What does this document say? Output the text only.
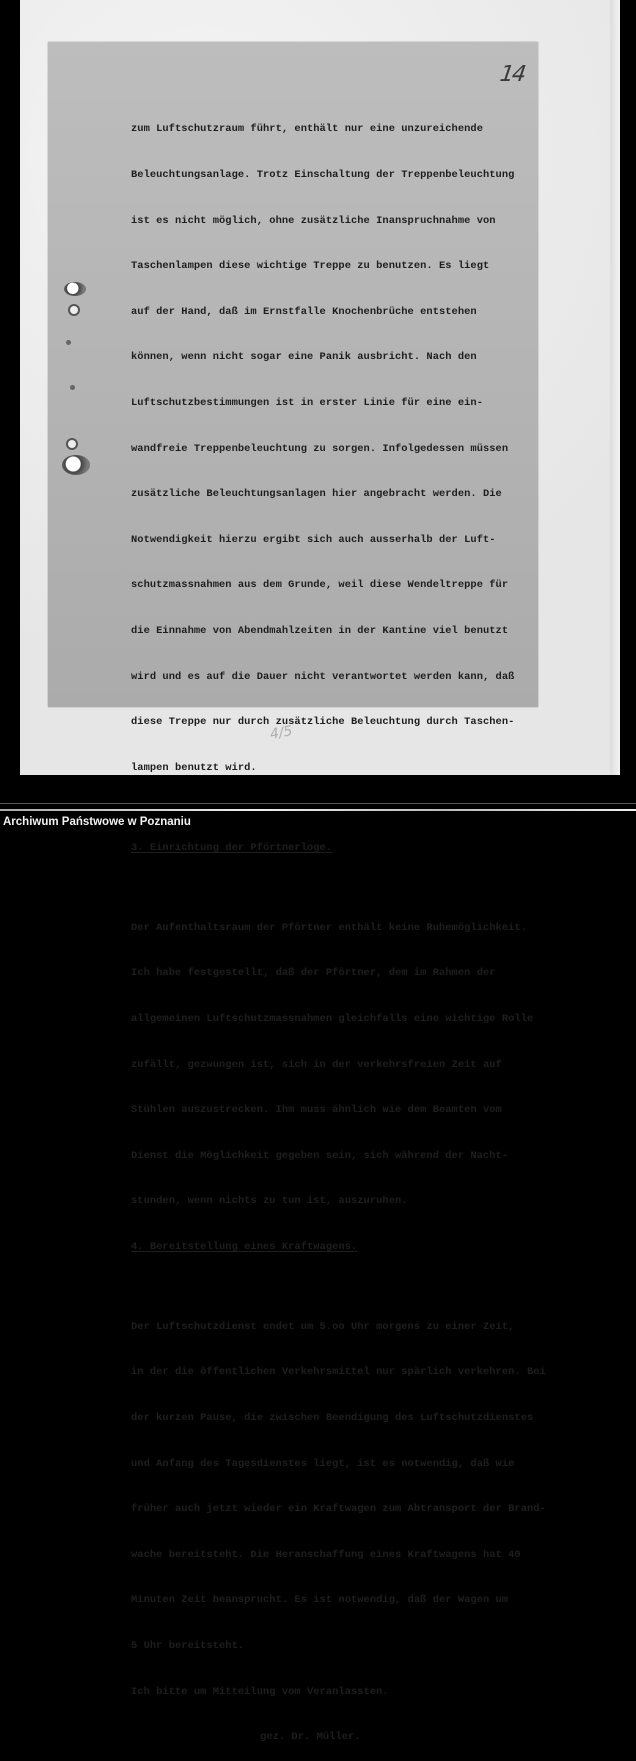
14

zum Luftschutzraum führt, enthält nur eine unzureichende

Beleuchtungsanlage. Trotz Einschaltung der Treppenbeleuchtung

ist es nicht möglich, ohne zusätzliche Inanspruchnahme von

Taschenlampen diese wichtige Treppe zu benutzen. Es liegt

auf der Hand, daß im Ernstfalle Knochenbrüche entstehen

können, wenn nicht sogar eine Panik ausbricht. Nach den

Luftschutzbestimmungen ist in erster Linie für eine ein-

wandfreie Treppenbeleuchtung zu sorgen. Infolgedessen müssen

zusätzliche Beleuchtungsanlagen hier angebracht werden. Die

Notwendigkeit hierzu ergibt sich auch ausserhalb der Luft-

schutzmassnahmen aus dem Grunde, weil diese Wendeltreppe für

die Einnahme von Abendmahlzeiten in der Kantine viel benutzt

wird und es auf die Dauer nicht verantwortet werden kann, daß

diese Treppe nur durch zusätzliche Beleuchtung durch Taschen-

lampen benutzt wird.

3. Einrichtung der Pförtnerloge.

Der Aufenthaltsraum der Pförtner enthält keine Ruhemöglichkeit.

Ich habe festgestellt, daß der Pförtner, dem im Rahmen der

allgemeinen Luftschutzmassnahmen gleichfalls eine wichtige Rolle

zufällt, gezwungen ist, sich in der verkehrsfreien Zeit auf

Stühlen auszustrecken. Ihm muss ähnlich wie dem Beamten vom

Dienst die Möglichkeit gegeben sein, sich während der Nacht-

stunden, wenn nichts zu tun ist, auszuruhen.

4. Bereitstellung eines Kraftwagens.

Der Luftschutzdienst endet um 5.oo Uhr morgens zu einer Zeit,

in der die öffentlichen Verkehrsmittel nur spärlich verkehren. Bei

der kurzen Pause, die zwischen Beendigung des Luftschutzdienstes

und Anfang des Tagesdienstes liegt, ist es notwendig, daß wie

früher auch jetzt wieder ein Kraftwagen zum Abtransport der Brand-

wache bereitsteht. Die Heranschaffung eines Kraftwagens hat 40

Minuten Zeit beansprucht. Es ist notwendig, daß der Wagen um

5 Uhr bereitsteht.

Ich bitte um Mitteilung vom Veranlassten.

gez. Dr. Müller.

4/5
Archiwum Państwowe w Poznaniu
